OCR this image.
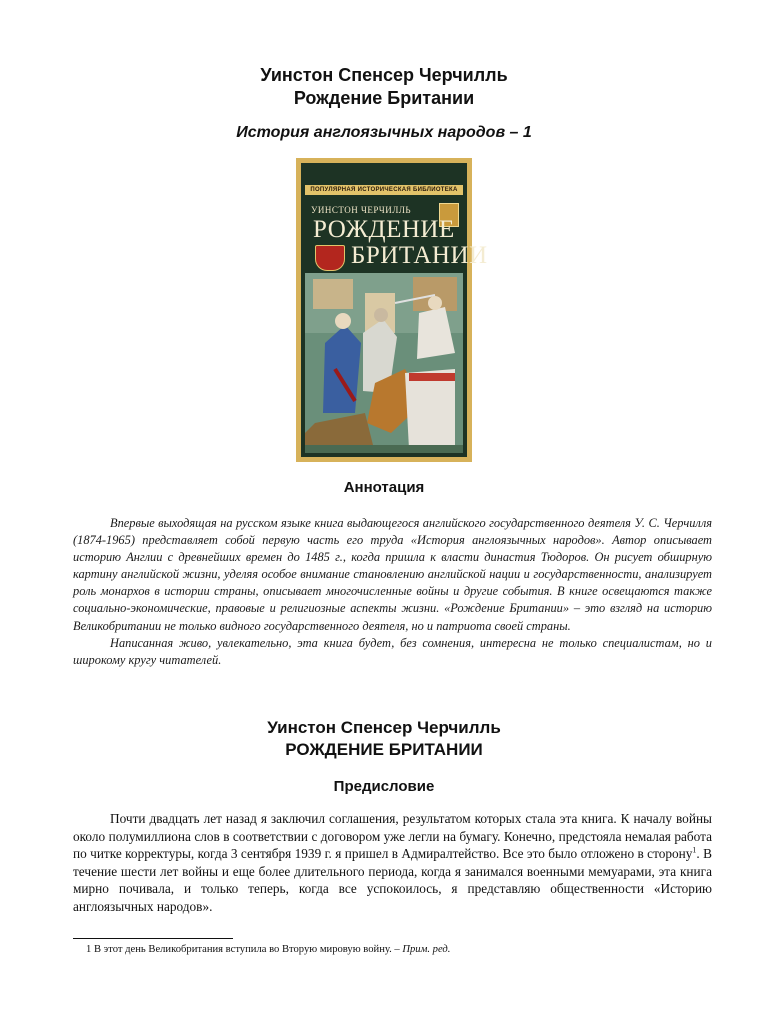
Уинстон Спенсер Черчилль
Рождение Британии
История англоязычных народов – 1
ПОПУЛЯРНАЯ ИСТОРИЧЕСКАЯ БИБЛИОТЕКА
УИНСТОН ЧЕРЧИЛЛЬ
РОЖДЕНИЕ
БРИТАНИИ
Аннотация

Впервые выходящая на русском языке книга выдающегося английского государственного деятеля У. С. Черчилля (1874-1965) представляет собой первую часть его труда «История англоязычных народов». Автор описывает историю Англии с древнейших времен до 1485 г., когда пришла к власти династия Тюдоров. Он рисует обширную картину английской жизни, уделяя особое внимание становлению английской нации и государственности, анализирует роль монархов в истории страны, описывает многочисленные войны и другие события. В книге освещаются также социально-экономические, правовые и религиозные аспекты жизни. «Рождение Британии» – это взгляд на историю Великобритании не только видного государственного деятеля, но и патриота своей страны.

Написанная живо, увлекательно, эта книга будет, без сомнения, интересна не только специалистам, но и широкому кругу читателей.

Уинстон Спенсер Черчилль
РОЖДЕНИЕ БРИТАНИИ
Предисловие

Почти двадцать лет назад я заключил соглашения, результатом которых стала эта книга. К началу войны около полумиллиона слов в соответствии с договором уже легли на бумагу. Конечно, предстояла немалая работа по читке корректуры, когда 3 сентября 1939 г. я пришел в Адмиралтейство. Все это было отложено в сторону$^1$. В течение шести лет войны и еще более длительного периода, когда я занимался военными мемуарами, эта книга мирно почивала, и только теперь, когда все успокоилось, я представляю общественности «Историю англоязычных народов».

1 В этот день Великобритания вступила во Вторую мировую войну. – Прим. ред.
